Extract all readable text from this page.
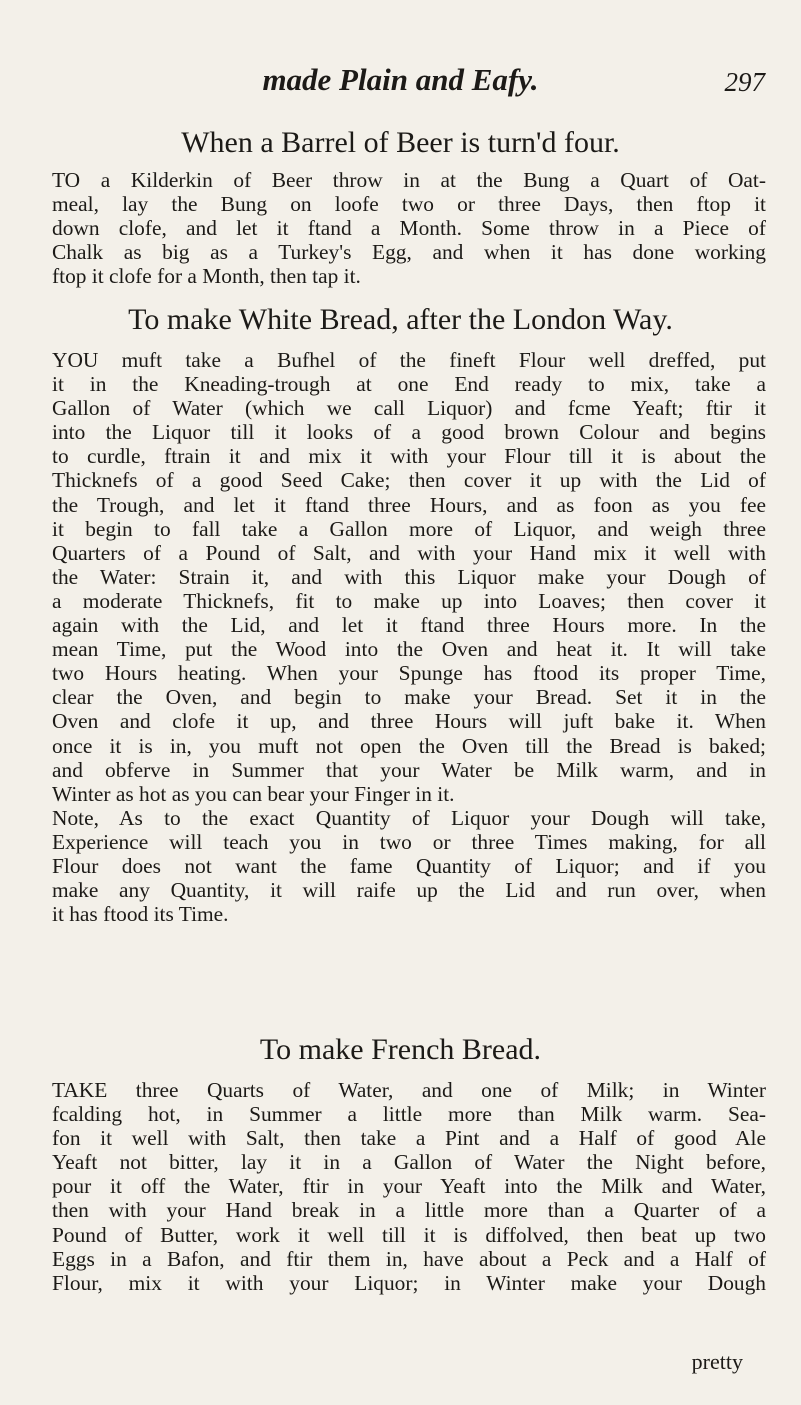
made Plain and Eafy.	297
When a Barrel of Beer is turn'd four.
TO a Kilderkin of Beer throw in at the Bung a Quart of Oat-
meal, lay the Bung on loofe two or three Days, then ftop it
down clofe, and let it ftand a Month. Some throw in a Piece of
Chalk as big as a Turkey's Egg, and when it has done working
ftop it clofe for a Month, then tap it.
To make White Bread, after the London Way.
YOU muft take a Bufhel of the fineft Flour well dreffed, put
it in the Kneading-trough at one End ready to mix, take a
Gallon of Water (which we call Liquor) and fcme Yeaft; ftir it
into the Liquor till it looks of a good brown Colour and begins
to curdle, ftrain it and mix it with your Flour till it is about the
Thicknefs of a good Seed Cake; then cover it up with the Lid of
the Trough, and let it ftand three Hours, and as foon as you fee
it begin to fall take a Gallon more of Liquor, and weigh three
Quarters of a Pound of Salt, and with your Hand mix it well with
the Water: Strain it, and with this Liquor make your Dough of
a moderate Thicknefs, fit to make up into Loaves; then cover it
again with the Lid, and let it ftand three Hours more. In the
mean Time, put the Wood into the Oven and heat it. It will take
two Hours heating. When your Spunge has ftood its proper Time,
clear the Oven, and begin to make your Bread. Set it in the
Oven and clofe it up, and three Hours will juft bake it. When
once it is in, you muft not open the Oven till the Bread is baked;
and obferve in Summer that your Water be Milk warm, and in
Winter as hot as you can bear your Finger in it.
Note, As to the exact Quantity of Liquor your Dough will take,
Experience will teach you in two or three Times making, for all
Flour does not want the fame Quantity of Liquor; and if you
make any Quantity, it will raife up the Lid and run over, when
it has ftood its Time.
To make French Bread.
TAKE three Quarts of Water, and one of Milk; in Winter
fcalding hot, in Summer a little more than Milk warm. Sea-
fon it well with Salt, then take a Pint and a Half of good Ale
Yeaft not bitter, lay it in a Gallon of Water the Night before,
pour it off the Water, ftir in your Yeaft into the Milk and Water,
then with your Hand break in a little more than a Quarter of a
Pound of Butter, work it well till it is diffolved, then beat up two
Eggs in a Bafon, and ftir them in, have about a Peck and a Half of
Flour, mix it with your Liquor; in Winter make your Dough
pretty
